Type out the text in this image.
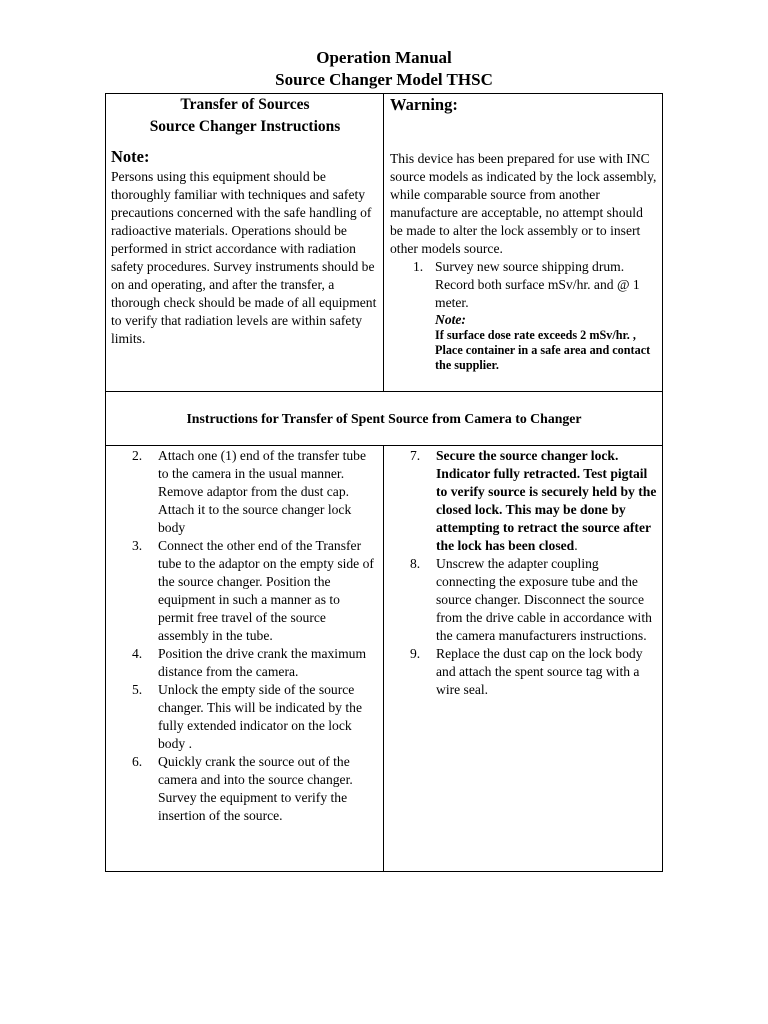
Operation Manual
Source Changer Model THSC
Transfer of Sources
Source Changer Instructions
Note:
Persons using this equipment should be thoroughly familiar with techniques and safety precautions concerned with the safe handling of radioactive materials. Operations should be performed in strict accordance with radiation safety procedures. Survey instruments should be on and operating, and after the transfer, a thorough check should be made of all equipment to verify that radiation levels are within safety limits.
Warning:
This device has been prepared for use with INC source models as indicated by the lock assembly, while comparable source from another manufacture are acceptable, no attempt should be made to alter the lock assembly or to insert other models source.
1. Survey new source shipping drum. Record both surface mSv/hr. and @ 1 meter.
Note:
If surface dose rate exceeds 2 mSv/hr. , Place container in a safe area and contact the supplier.
Instructions for Transfer of Spent Source from Camera to Changer
2. Attach one (1) end of the transfer tube to the camera in the usual manner. Remove adaptor from the dust cap. Attach it to the source changer lock body
3. Connect the other end of the Transfer tube to the adaptor on the empty side of the source changer. Position the equipment in such a manner as to permit free travel of the source assembly in the tube.
4. Position the drive crank the maximum distance from the camera.
5. Unlock the empty side of the source changer. This will be indicated by the fully extended indicator on the lock body .
6. Quickly crank the source out of the camera and into the source changer. Survey the equipment to verify the insertion of the source.
7. Secure the source changer lock. Indicator fully retracted. Test pigtail to verify source is securely held by the closed lock. This may be done by attempting to retract the source after the lock has been closed.
8. Unscrew the adapter coupling connecting the exposure tube and the source changer. Disconnect the source from the drive cable in accordance with the camera manufacturers instructions.
9. Replace the dust cap on the lock body and attach the spent source tag with a wire seal.
